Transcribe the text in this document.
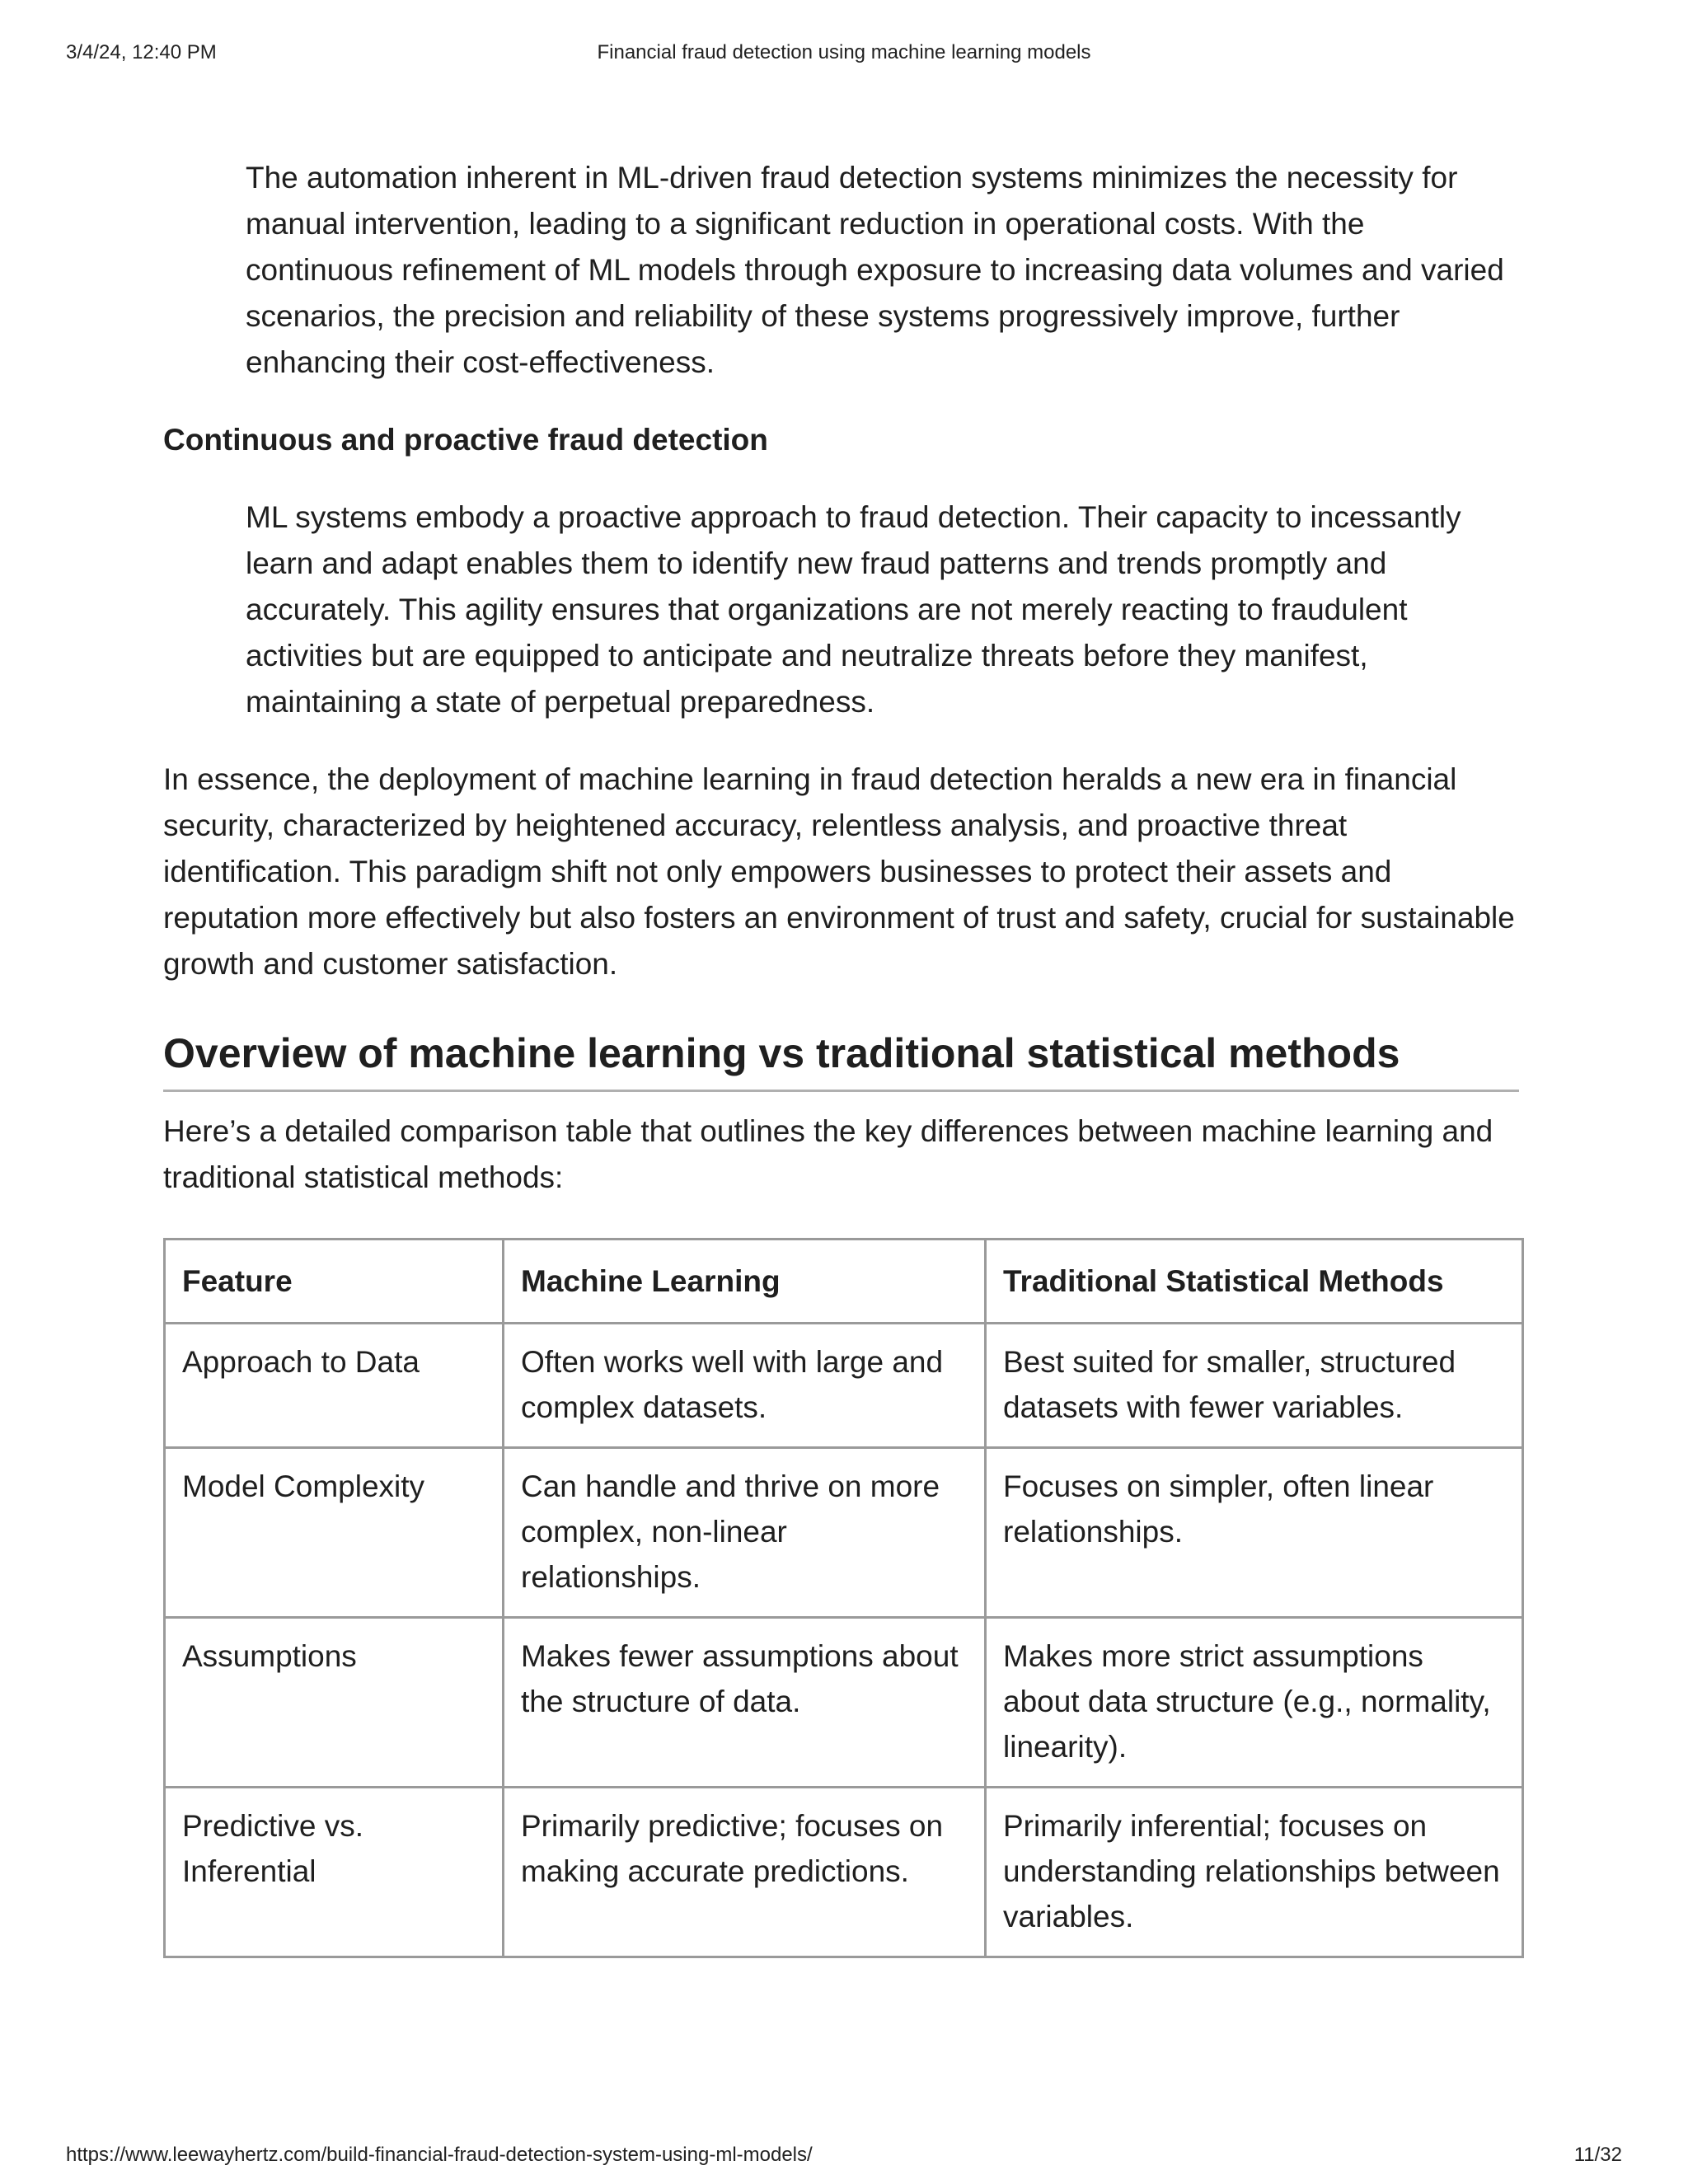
3/4/24, 12:40 PM	Financial fraud detection using machine learning models

The automation inherent in ML-driven fraud detection systems minimizes the necessity for manual intervention, leading to a significant reduction in operational costs. With the continuous refinement of ML models through exposure to increasing data volumes and varied scenarios, the precision and reliability of these systems progressively improve, further enhancing their cost-effectiveness.

Continuous and proactive fraud detection

ML systems embody a proactive approach to fraud detection. Their capacity to incessantly learn and adapt enables them to identify new fraud patterns and trends promptly and accurately. This agility ensures that organizations are not merely reacting to fraudulent activities but are equipped to anticipate and neutralize threats before they manifest, maintaining a state of perpetual preparedness.

In essence, the deployment of machine learning in fraud detection heralds a new era in financial security, characterized by heightened accuracy, relentless analysis, and proactive threat identification. This paradigm shift not only empowers businesses to protect their assets and reputation more effectively but also fosters an environment of trust and safety, crucial for sustainable growth and customer satisfaction.

Overview of machine learning vs traditional statistical methods

Here’s a detailed comparison table that outlines the key differences between machine learning and traditional statistical methods:

Feature	Machine Learning	Traditional Statistical Methods
Approach to Data	Often works well with large and complex datasets.	Best suited for smaller, structured datasets with fewer variables.
Model Complexity	Can handle and thrive on more complex, non-linear relationships.	Focuses on simpler, often linear relationships.
Assumptions	Makes fewer assumptions about the structure of data.	Makes more strict assumptions about data structure (e.g., normality, linearity).
Predictive vs. Inferential	Primarily predictive; focuses on making accurate predictions.	Primarily inferential; focuses on understanding relationships between variables.
https://www.leewayhertz.com/build-financial-fraud-detection-system-using-ml-models/	11/32
